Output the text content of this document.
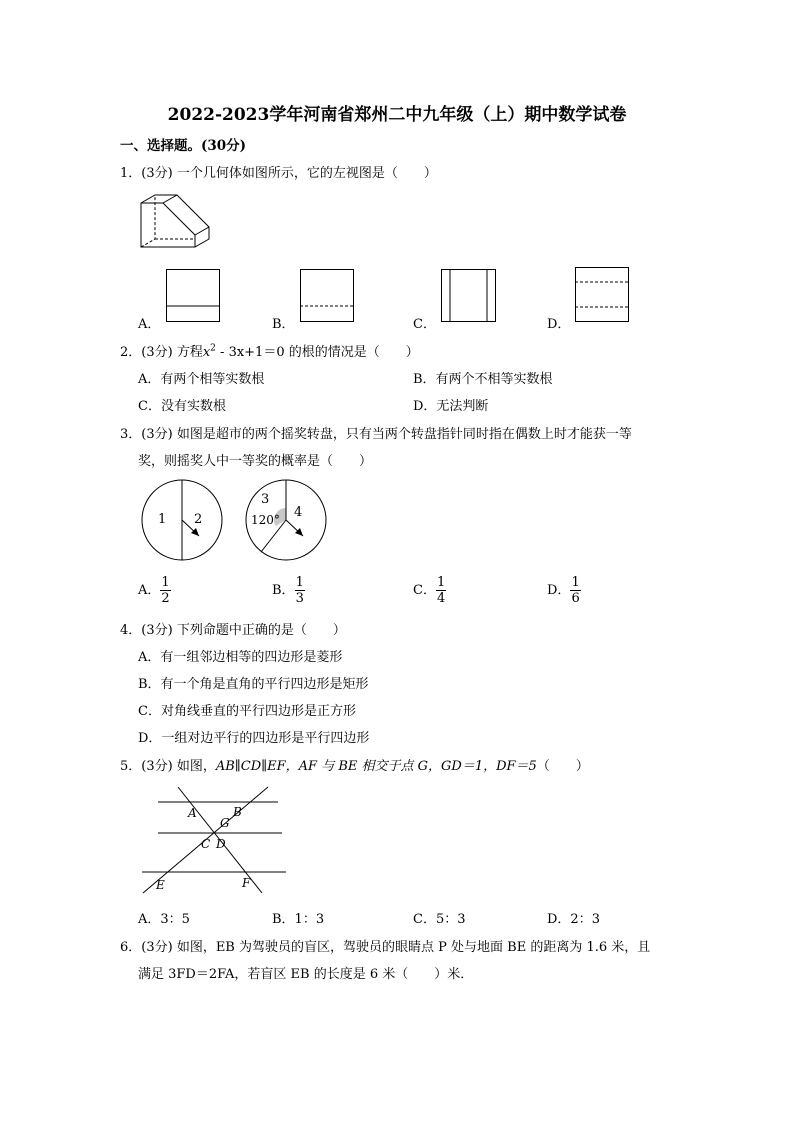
2022-2023学年河南省郑州二中九年级（上）期中数学试卷
一、选择题。(30分)
1．(3分) 一个几何体如图所示，它的左视图是（　　）
A．	B．	C．	D．
2．(3分) 方程$x^2 - 3x+1=0$ 的根的情况是（　　）
A．有两个相等实数根	B．有两个不相等实数根
C．没有实数根	D．无法判断
3．(3分) 如图是超市的两个摇奖转盘，只有当两个转盘指针同时指在偶数上时才能获一等
奖，则摇奖人中一等奖的概率是（　　）
1 2
3
4
120°
A． $\frac{1}{2}$	B． $\frac{1}{3}$	C． $\frac{1}{4}$	D． $\frac{1}{6}$
4．(3分) 下列命题中正确的是（　　）
A．有一组邻边相等的四边形是菱形
B．有一个角是直角的平行四边形是矩形
C．对角线垂直的平行四边形是正方形
D．一组对边平行的四边形是平行四边形
5．(3分) 如图，AB∥CD∥EF，AF 与 BE 相交于点 G，GD＝1，DF＝5（　　）
A	B
G
C D
E	F
A．3：5	B．1：3	C．5：3	D．2：3
6．(3分) 如图，EB 为驾驶员的盲区，驾驶员的眼睛点 P 处与地面 BE 的距离为 1.6 米，且
满足 3FD＝2FA，若盲区 EB 的长度是 6 米（　　）米．
